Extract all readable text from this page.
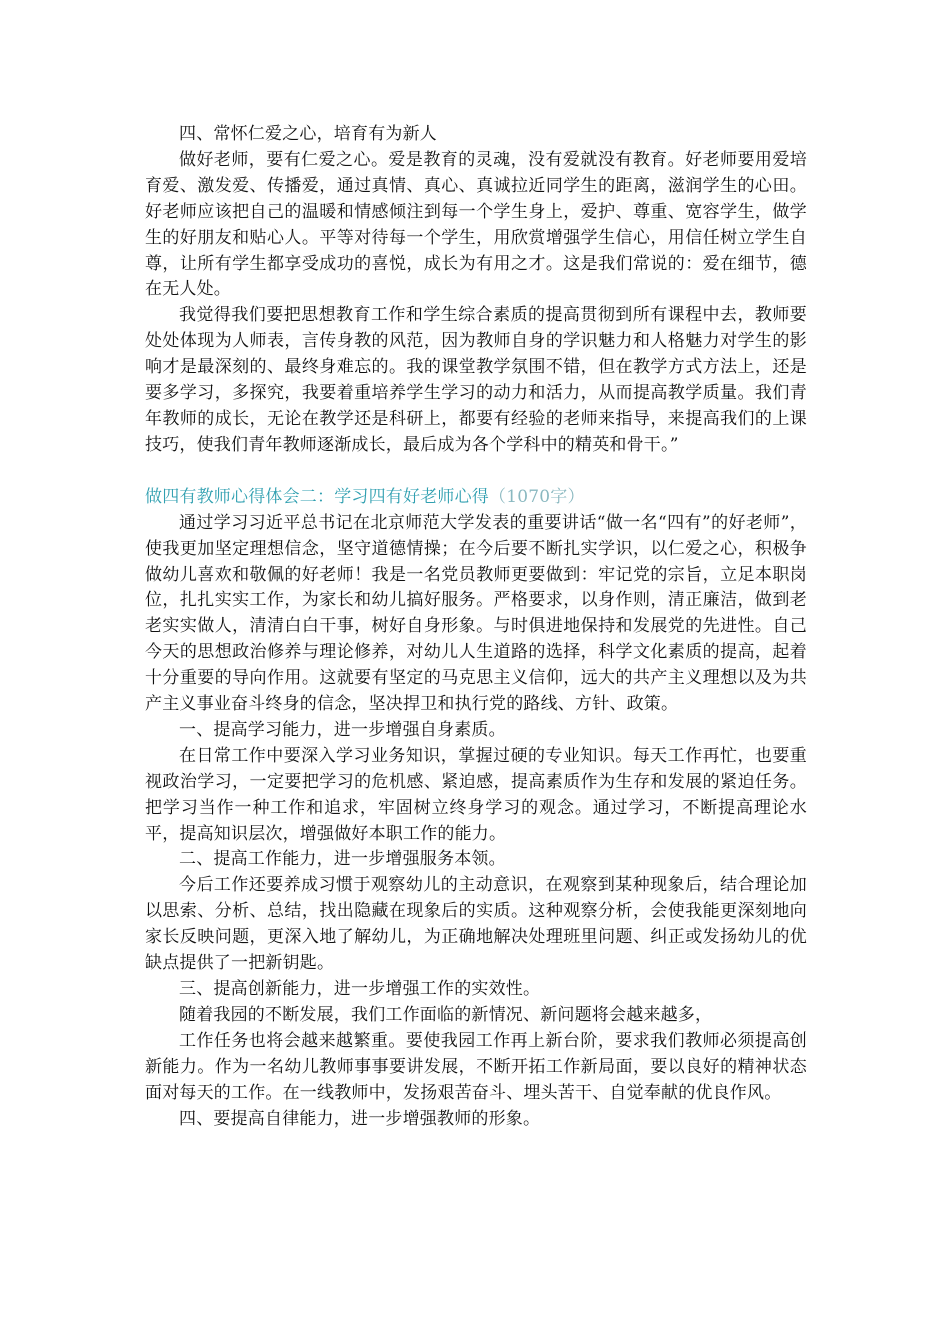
四、常怀仁爱之心，培育有为新人

做好老师，要有仁爱之心。爱是教育的灵魂，没有爱就没有教育。好老师要用爱培育爱、激发爱、传播爱，通过真情、真心、真诚拉近同学生的距离，滋润学生的心田。好老师应该把自己的温暖和情感倾注到每一个学生身上，爱护、尊重、宽容学生，做学生的好朋友和贴心人。平等对待每一个学生，用欣赏增强学生信心，用信任树立学生自尊，让所有学生都享受成功的喜悦，成长为有用之才。这是我们常说的：爱在细节，德在无人处。

我觉得我们要把思想教育工作和学生综合素质的提高贯彻到所有课程中去，教师要处处体现为人师表，言传身教的风范，因为教师自身的学识魅力和人格魅力对学生的影响才是最深刻的、最终身难忘的。我的课堂教学氛围不错，但在教学方式方法上，还是要多学习，多探究，我要着重培养学生学习的动力和活力，从而提高教学质量。我们青年教师的成长，无论在教学还是科研上，都要有经验的老师来指导，来提高我们的上课技巧，使我们青年教师逐渐成长，最后成为各个学科中的精英和骨干。”

做四有教师心得体会二：学习四有好老师心得（1070字）

通过学习习近平总书记在北京师范大学发表的重要讲话“做一名“四有”的好老师”，使我更加坚定理想信念，坚守道德情操；在今后要不断扎实学识，以仁爱之心，积极争做幼儿喜欢和敬佩的好老师！我是一名党员教师更要做到：牢记党的宗旨，立足本职岗位，扎扎实实工作，为家长和幼儿搞好服务。严格要求，以身作则，清正廉洁，做到老老实实做人，清清白白干事，树好自身形象。与时俱进地保持和发展党的先进性。自己今天的思想政治修养与理论修养，对幼儿人生道路的选择，科学文化素质的提高，起着十分重要的导向作用。这就要有坚定的马克思主义信仰，远大的共产主义理想以及为共产主义事业奋斗终身的信念，坚决捍卫和执行党的路线、方针、政策。

一、提高学习能力，进一步增强自身素质。

在日常工作中要深入学习业务知识，掌握过硬的专业知识。每天工作再忙，也要重视政治学习，一定要把学习的危机感、紧迫感，提高素质作为生存和发展的紧迫任务。把学习当作一种工作和追求，牢固树立终身学习的观念。通过学习，不断提高理论水平，提高知识层次，增强做好本职工作的能力。

二、提高工作能力，进一步增强服务本领。

今后工作还要养成习惯于观察幼儿的主动意识，在观察到某种现象后，结合理论加以思索、分析、总结，找出隐藏在现象后的实质。这种观察分析，会使我能更深刻地向家长反映问题，更深入地了解幼儿，为正确地解决处理班里问题、纠正或发扬幼儿的优缺点提供了一把新钥匙。

三、提高创新能力，进一步增强工作的实效性。

随着我园的不断发展，我们工作面临的新情况、新问题将会越来越多，

工作任务也将会越来越繁重。要使我园工作再上新台阶，要求我们教师必须提高创新能力。作为一名幼儿教师事事要讲发展，不断开拓工作新局面，要以良好的精神状态面对每天的工作。在一线教师中，发扬艰苦奋斗、埋头苦干、自觉奉献的优良作风。

四、要提高自律能力，进一步增强教师的形象。
